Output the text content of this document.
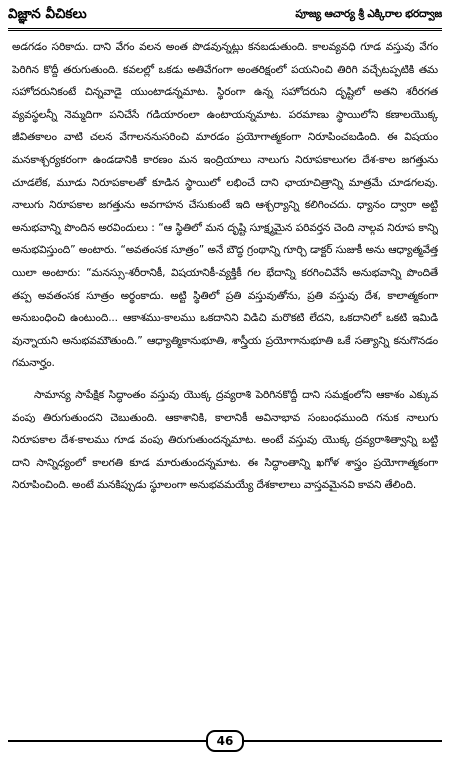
విజ్ఞాన వీచికలు	పూజ్య ఆచార్య శ్రీ ఎక్కిరాల భరద్వాజ

అడగడం సరికాదు. దాని వేగం వలన అంత పొడవున్నట్లు కనబడుతుంది. కాలవ్యవధి గూడ వస్తువు వేగం పెరిగిన కొద్దీ తరుగుతుంది. కవలల్లో ఒకడు అతివేగంగా అంతరిక్షంలో పయనించి తిరిగి వచ్చేటప్పటికి తమ సహోదరునికంటే చిన్నవాడై యుంటాడన్నమాట. స్థిరంగా ఉన్న సహోదరుని దృష్టిలో అతని శరీరగత వ్యవస్థలన్నీ నెమ్మదిగా పనిచేసే గడియారంలా ఉంటాయన్నమాట. పరమాణు స్థాయిలోని కణాలయొక్క జీవితకాలం వాటి చలన వేగాలననుసరించి మారడం ప్రయోగాత్మకంగా నిరూపించబడింది. ఈ విషయం మనకాశ్చర్యకరంగా ఉండడానికి కారణం మన ఇంద్రియాలు నాలుగు నిరూపకాలుగల దేశ-కాల జగత్తును చూడలేక, మూడు నిరూపకాలతో కూడిన స్థాయిలో లభించే దాని ఛాయాచిత్రాన్ని మాత్రమే చూడగలవు. నాలుగు నిరూపకాల జగత్తును అవగాహన చేసుకుంటే ఇది ఆశ్చర్యాన్ని కలిగించదు. ధ్యానం ద్వారా అట్టి అనుభవాన్ని పొందిన అరవిందులు : “ఆ స్థితిలో మన దృష్టి సూక్ష్మమైన పరివర్తన చెంది నాల్గవ నిరూప కాన్ని అనుభవిస్తుంది” అంటారు. “అవతంసక సూత్రం” అనే బౌద్ధ గ్రంథాన్ని గూర్చి డాక్టర్ సుజుకీ అను ఆధ్యాత్మవేత్త యిలా అంటారు: “మనస్సు-శరీరానికీ, విషయానికీ-వ్యక్తికీ గల భేదాన్ని కరగించివేసే అనుభవాన్ని పొందితే తప్ప అవతంసక సూత్రం అర్థంకాదు. అట్టి స్థితిలో ప్రతి వస్తువుతోను, ప్రతి వస్తువు దేశ, కాలాత్మకంగా అనుబంధించి ఉంటుంది... ఆకాశము-కాలము ఒకదానిని విడిచి మరొకటి లేదని, ఒకదానిలో ఒకటి ఇమిడి వున్నాయని అనుభవమౌతుంది.” ఆధ్యాత్మికానుభూతి, శాస్త్రీయ ప్రయోగానుభూతి ఒకే సత్యాన్ని కనుగొనడం గమనార్హం.

సామాన్య సాపేక్షిక సిద్ధాంతం వస్తువు యొక్క ద్రవ్యరాశి పెరిగినకొద్దీ దాని సమక్షంలోని ఆకాశం ఎక్కువ వంపు తిరుగుతుందని చెబుతుంది. ఆకాశానికి, కాలానికీ అవినాభావ సంబంధముంది గనుక నాలుగు నిరూపకాల దేశ-కాలము గూడ వంపు తిరుగుతుందన్నమాట. అంటే వస్తువు యొక్క ద్రవ్యరాశిత్వాన్ని బట్టి దాని సాన్నిధ్యంలో కాలగతి కూడ మారుతుందన్నమాట. ఈ సిద్ధాంతాన్ని ఖగోళ శాస్త్రం ప్రయోగాత్మకంగా నిరూపించింది. అంటే మనకిప్పుడు స్థూలంగా అనుభవమయ్యే దేశకాలాలు వాస్తవమైనవి కావని తేలింది.

46
